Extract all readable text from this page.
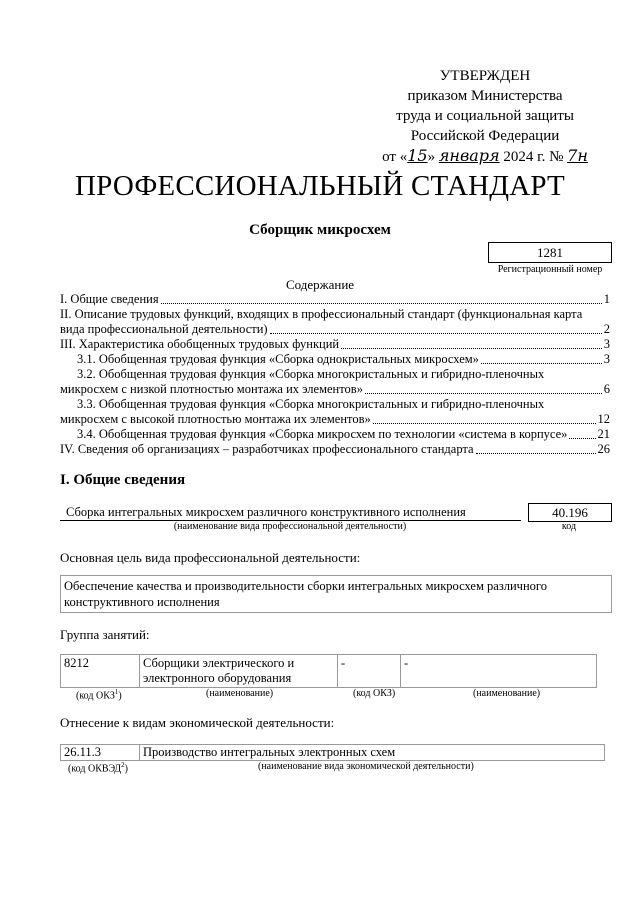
УТВЕРЖДЕН
приказом Министерства
труда и социальной защиты
Российской Федерации
от «15» января 2024 г. № 7н
ПРОФЕССИОНАЛЬНЫЙ СТАНДАРТ
Сборщик микросхем
1281
Регистрационный номер
Содержание
I. Общие сведения	1
II. Описание трудовых функций, входящих в профессиональный стандарт (функциональная карта
вида профессиональной деятельности)	2
III. Характеристика обобщенных трудовых функций	3
3.1. Обобщенная трудовая функция «Сборка однокристальных микросхем»	3
3.2. Обобщенная трудовая функция «Сборка многокристальных и гибридно-пленочных
микросхем с низкой плотностью монтажа их элементов»	6
3.3. Обобщенная трудовая функция «Сборка многокристальных и гибридно-пленочных
микросхем с высокой плотностью монтажа их элементов»	12
3.4. Обобщенная трудовая функция «Сборка микросхем по технологии «система в корпусе» 21
IV. Сведения об организациях – разработчиках профессионального стандарта	26
I. Общие сведения
Сборка интегральных микросхем различного конструктивного исполнения
(наименование вида профессиональной деятельности)
40.196
код
Основная цель вида профессиональной деятельности:
Обеспечение качества и производительности сборки интегральных микросхем различного конструктивного исполнения
Группа занятий:
8212	Сборщики электрического и электронного оборудования	-	-
(код ОКЗ$^1$)	(наименование)	(код ОКЗ)	(наименование)
Отнесение к видам экономической деятельности:
26.11.3	Производство интегральных электронных схем
(код ОКВЭД$^2$)	(наименование вида экономической деятельности)
